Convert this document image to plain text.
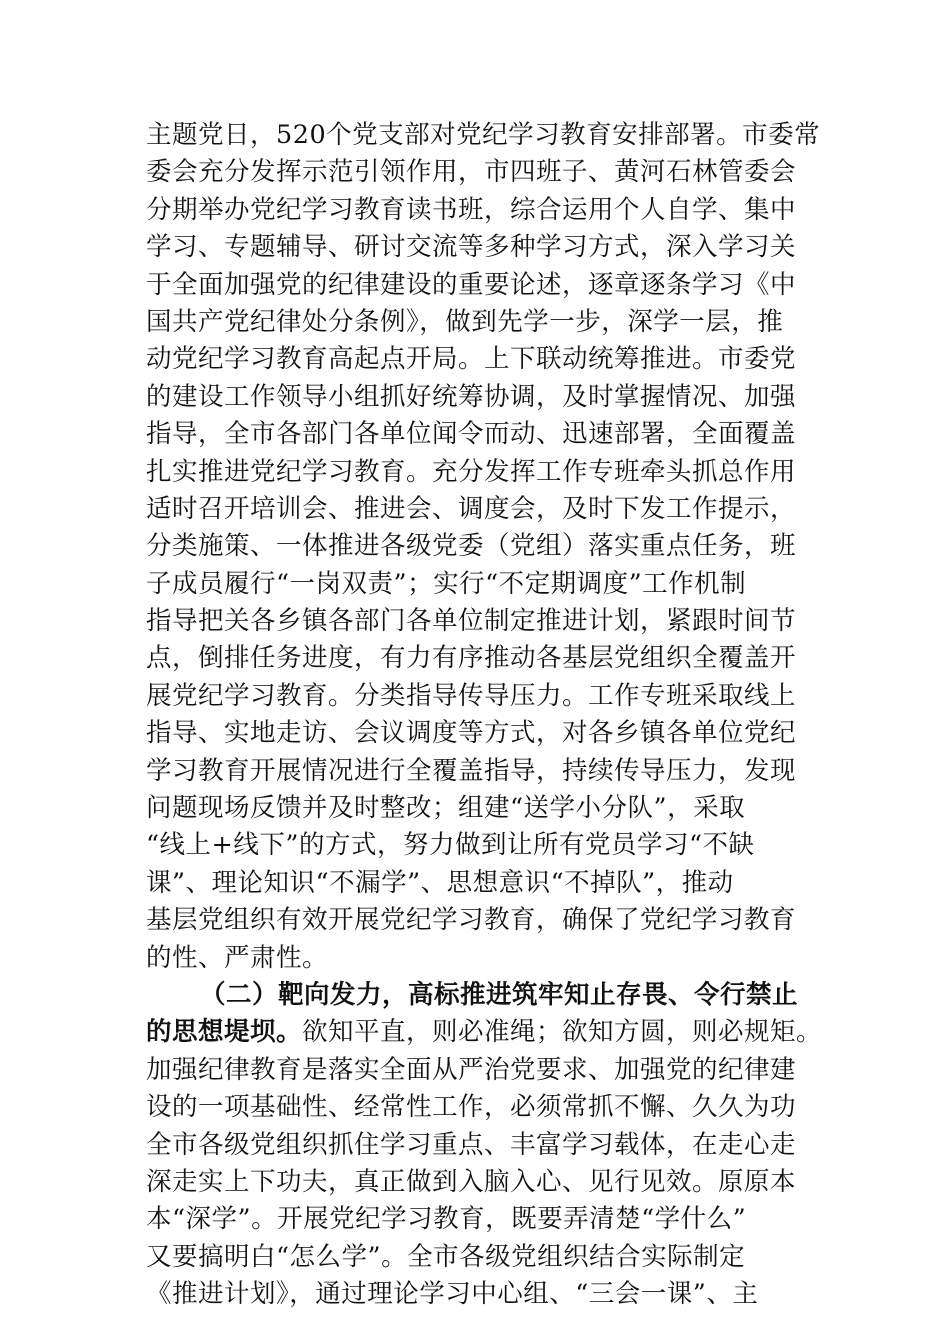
主题党日，520个党支部对党纪学习教育安排部署。市委常
委会充分发挥示范引领作用，市四班子、黄河石林管委会
分期举办党纪学习教育读书班，综合运用个人自学、集中
学习、专题辅导、研讨交流等多种学习方式，深入学习关
于全面加强党的纪律建设的重要论述，逐章逐条学习《中
国共产党纪律处分条例》，做到先学一步，深学一层，推
动党纪学习教育高起点开局。上下联动统筹推进。市委党
的建设工作领导小组抓好统筹协调，及时掌握情况、加强
指导，全市各部门各单位闻令而动、迅速部署，全面覆盖
扎实推进党纪学习教育。充分发挥工作专班牵头抓总作用
适时召开培训会、推进会、调度会，及时下发工作提示，
分类施策、一体推进各级党委（党组）落实重点任务，班
子成员履行“一岗双责”；实行“不定期调度”工作机制
指导把关各乡镇各部门各单位制定推进计划，紧跟时间节
点，倒排任务进度，有力有序推动各基层党组织全覆盖开
展党纪学习教育。分类指导传导压力。工作专班采取线上
指导、实地走访、会议调度等方式，对各乡镇各单位党纪
学习教育开展情况进行全覆盖指导，持续传导压力，发现
问题现场反馈并及时整改；组建“送学小分队”，采取
“线上+线下”的方式，努力做到让所有党员学习“不缺
课”、理论知识“不漏学”、思想意识“不掉队”，推动
基层党组织有效开展党纪学习教育，确保了党纪学习教育
的性、严肃性。
（二）靶向发力，高标推进筑牢知止存畏、令行禁止
的思想堤坝。欲知平直，则必准绳；欲知方圆，则必规矩。
加强纪律教育是落实全面从严治党要求、加强党的纪律建
设的一项基础性、经常性工作，必须常抓不懈、久久为功
全市各级党组织抓住学习重点、丰富学习载体，在走心走
深走实上下功夫，真正做到入脑入心、见行见效。原原本
本“深学”。开展党纪学习教育，既要弄清楚“学什么”
又要搞明白“怎么学”。全市各级党组织结合实际制定
《推进计划》，通过理论学习中心组、“三会一课”、主
